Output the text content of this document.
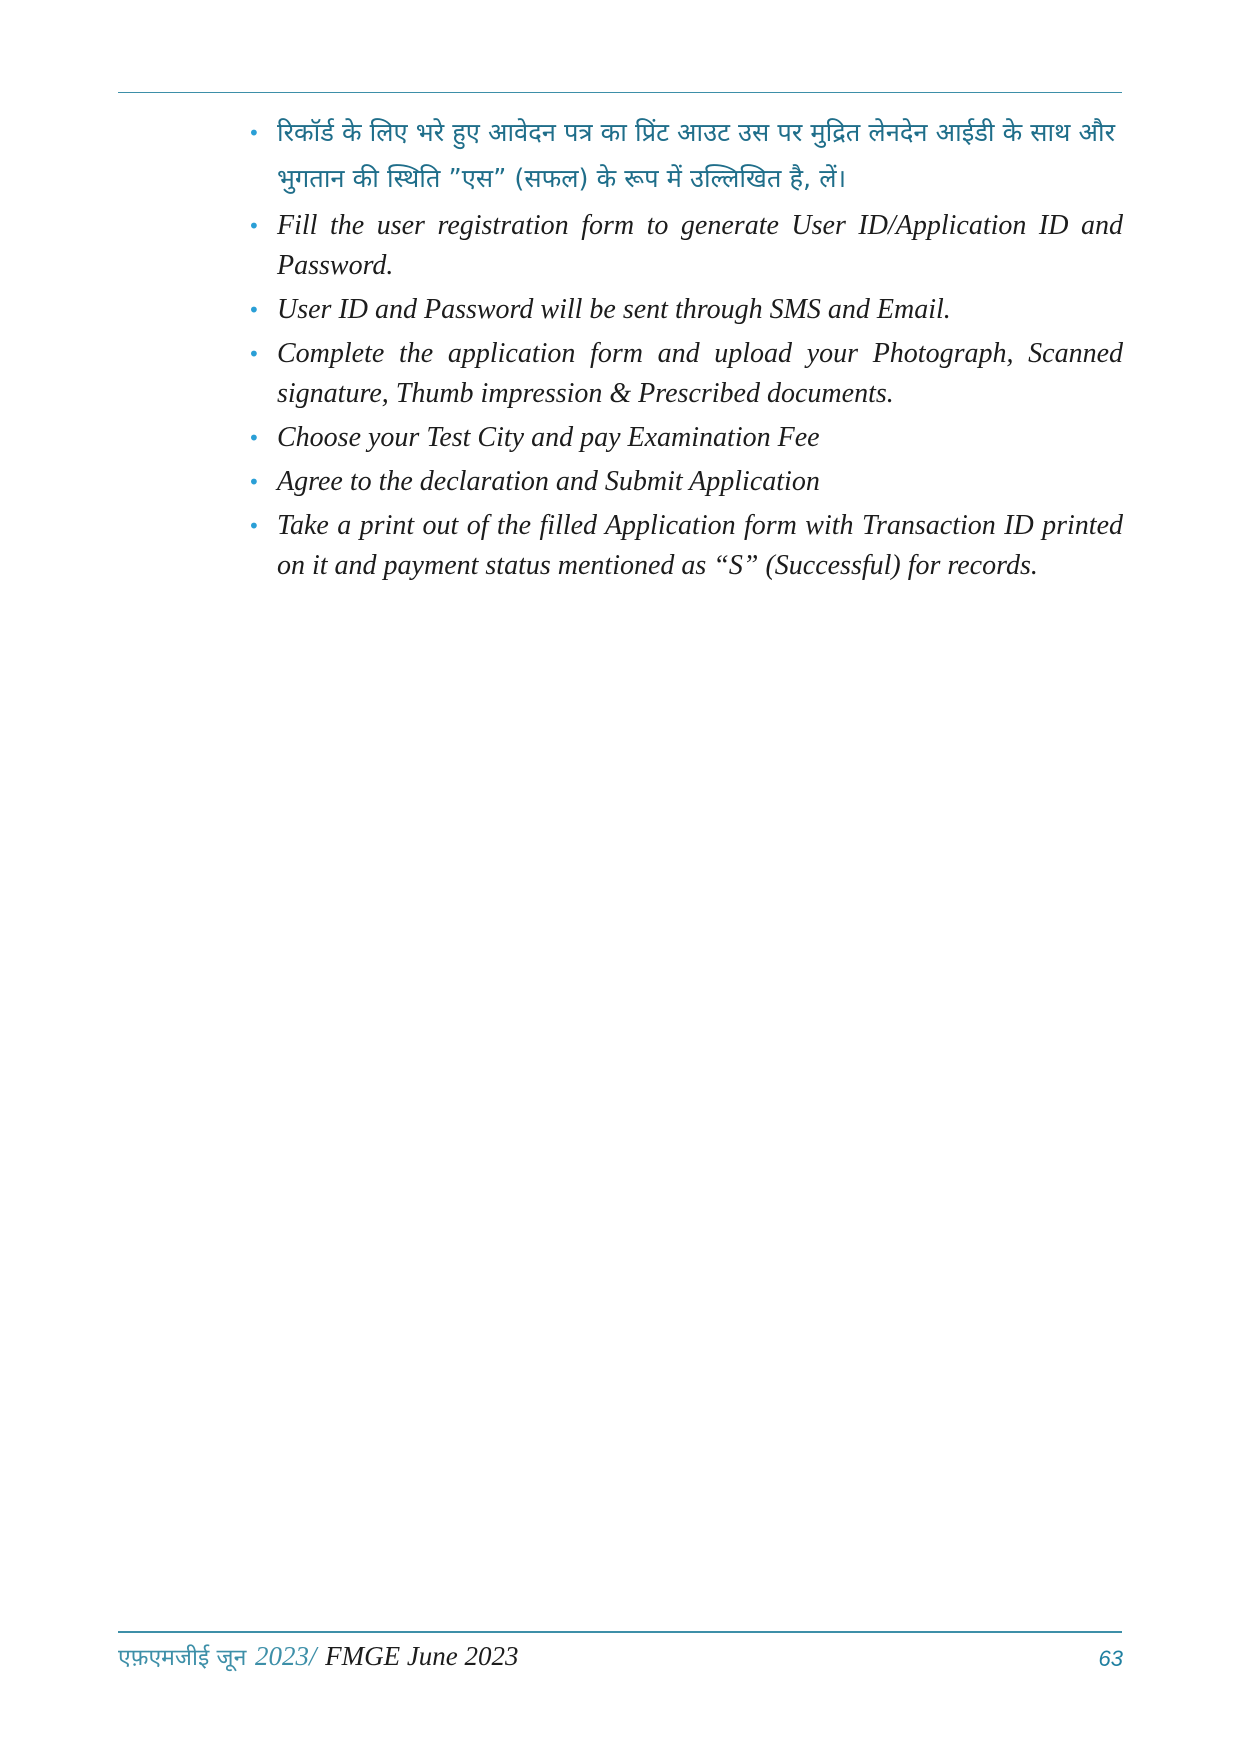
• रिकॉर्ड के लिए भरे हुए आवेदन पत्र का प्रिंट आउट उस पर मुद्रित लेनदेन आईडी के साथ और भुगतान की स्थिति ”एस” (सफल) के रूप में उल्लिखित है, लें।
• Fill the user registration form to generate User ID/Application ID and Password.
• User ID and Password will be sent through SMS and Email.
• Complete the application form and upload your Photograph, Scanned signature, Thumb impression & Prescribed documents.
• Choose your Test City and pay Examination Fee
• Agree to the declaration and Submit Application
• Take a print out of the filled Application form with Transaction ID printed on it and payment status mentioned as “S” (Successful) for records.
एफ़एमजीई जून 2023/ FMGE June 2023	63
